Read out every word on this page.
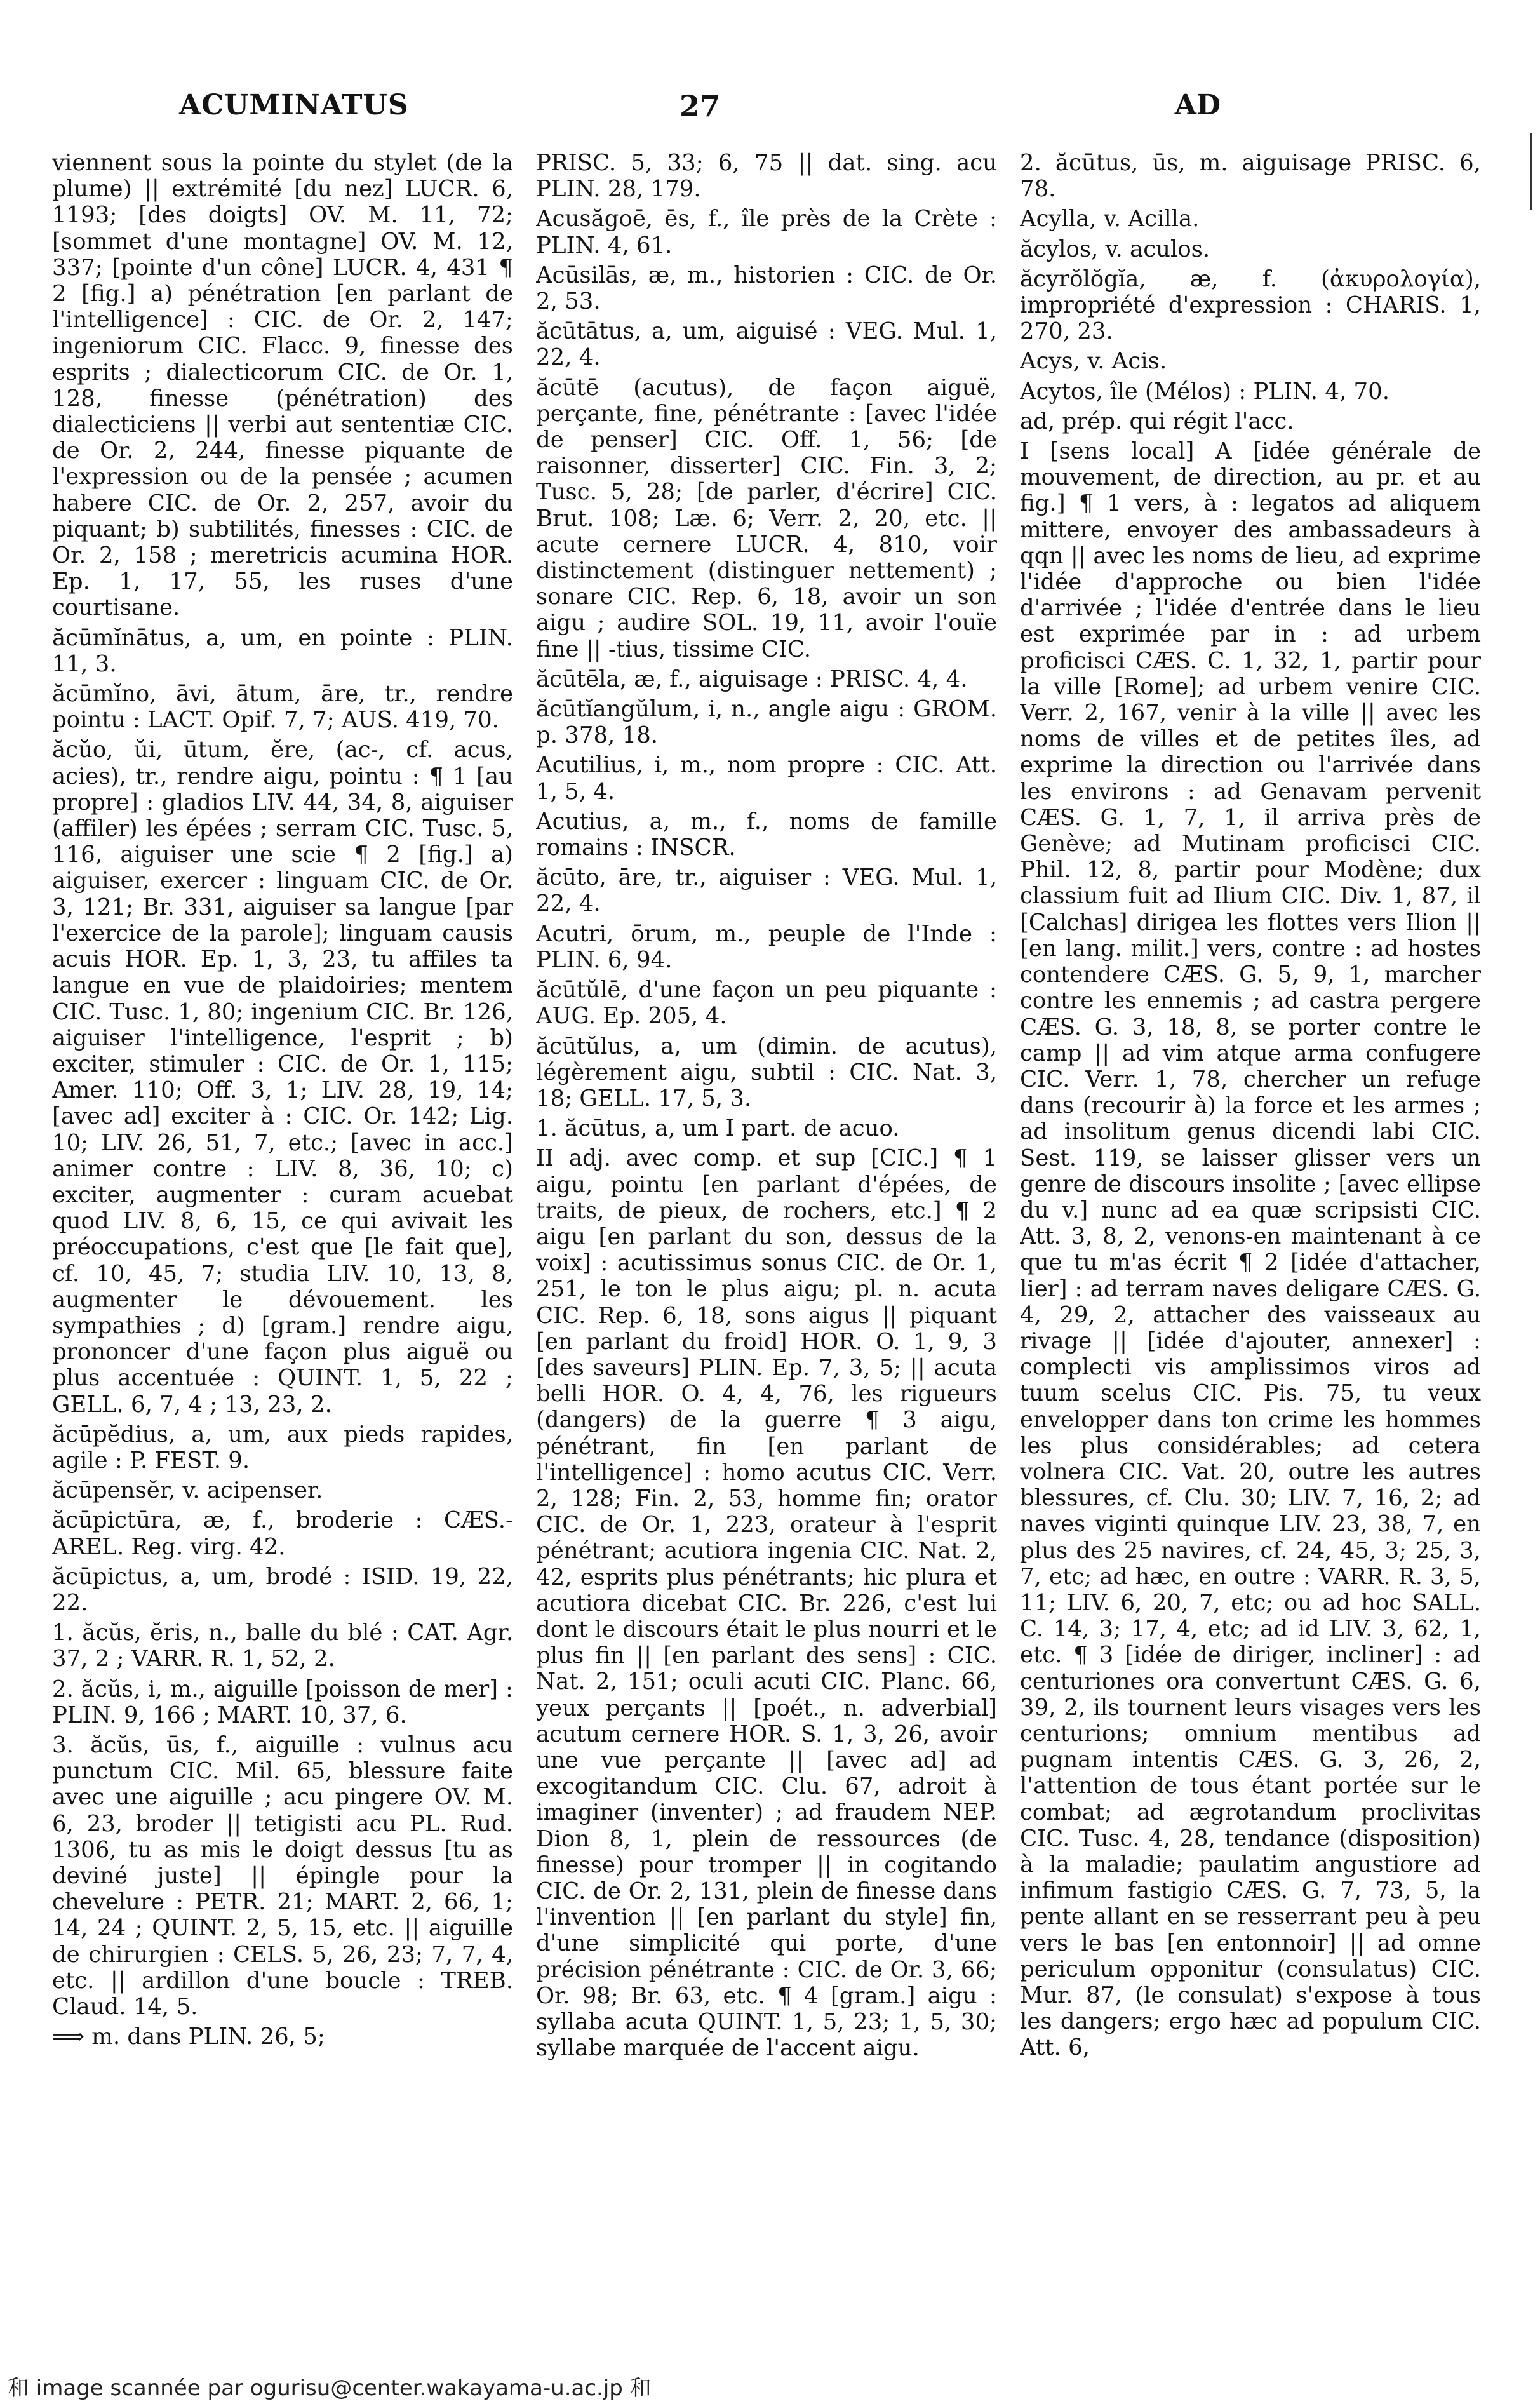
ACUMINATUS	27	AD

viennent sous la pointe du stylet (de la plume) || extrémité [du nez] LUCR. 6, 1193; [des doigts] OV. M. 11, 72; [sommet d'une montagne] OV. M. 12, 337; [pointe d'un cône] LUCR. 4, 431 ¶ 2 [fig.] a) pénétration [en parlant de l'intelligence] : CIC. de Or. 2, 147; ingeniorum CIC. Flacc. 9, finesse des esprits ; dialecticorum CIC. de Or. 1, 128, finesse (pénétration) des dialecticiens || verbi aut sententiæ CIC. de Or. 2, 244, finesse piquante de l'expression ou de la pensée ; acumen habere CIC. de Or. 2, 257, avoir du piquant; b) subtilités, finesses : CIC. de Or. 2, 158 ; meretricis acumina HOR. Ep. 1, 17, 55, les ruses d'une courtisane.

ăcūmĭnātus, a, um, en pointe : PLIN. 11, 3.

ăcūmĭno, āvi, ātum, āre, tr., rendre pointu : LACT. Opif. 7, 7; AUS. 419, 70.

ăcŭo, ŭi, ūtum, ĕre, (ac-, cf. acus, acies), tr., rendre aigu, pointu : ¶ 1 [au propre] : gladios LIV. 44, 34, 8, aiguiser (affiler) les épées ; serram CIC. Tusc. 5, 116, aiguiser une scie ¶ 2 [fig.] a) aiguiser, exercer : linguam CIC. de Or. 3, 121; Br. 331, aiguiser sa langue [par l'exercice de la parole]; linguam causis acuis HOR. Ep. 1, 3, 23, tu affiles ta langue en vue de plaidoiries; mentem CIC. Tusc. 1, 80; ingenium CIC. Br. 126, aiguiser l'intelligence, l'esprit ; b) exciter, stimuler : CIC. de Or. 1, 115; Amer. 110; Off. 3, 1; LIV. 28, 19, 14; [avec ad] exciter à : CIC. Or. 142; Lig. 10; LIV. 26, 51, 7, etc.; [avec in acc.] animer contre : LIV. 8, 36, 10; c) exciter, augmenter : curam acuebat quod LIV. 8, 6, 15, ce qui avivait les préoccupations, c'est que [le fait que], cf. 10, 45, 7; studia LIV. 10, 13, 8, augmenter le dévouement. les sympathies ; d) [gram.] rendre aigu, prononcer d'une façon plus aiguë ou plus accentuée : QUINT. 1, 5, 22 ; GELL. 6, 7, 4 ; 13, 23, 2.

ăcūpĕdius, a, um, aux pieds rapides, agile : P. FEST. 9.

ăcūpensĕr, v. acipenser.

ăcūpictūra, æ, f., broderie : CÆS.-AREL. Reg. virg. 42.

ăcūpictus, a, um, brodé : ISID. 19, 22, 22.

1. ăcŭs, ĕris, n., balle du blé : CAT. Agr. 37, 2 ; VARR. R. 1, 52, 2.

2. ăcŭs, i, m., aiguille [poisson de mer] : PLIN. 9, 166 ; MART. 10, 37, 6.

3. ăcŭs, ūs, f., aiguille : vulnus acu punctum CIC. Mil. 65, blessure faite avec une aiguille ; acu pingere OV. M. 6, 23, broder || tetigisti acu PL. Rud. 1306, tu as mis le doigt dessus [tu as deviné juste] || épingle pour la chevelure : PETR. 21; MART. 2, 66, 1; 14, 24 ; QUINT. 2, 5, 15, etc. || aiguille de chirurgien : CELS. 5, 26, 23; 7, 7, 4, etc. || ardillon d'une boucle : TREB. Claud. 14, 5.

⟹ m. dans PLIN. 26, 5;

PRISC. 5, 33; 6, 75 || dat. sing. acu PLIN. 28, 179.

Acusăgoē, ēs, f., île près de la Crète : PLIN. 4, 61.

Acūsilās, æ, m., historien : CIC. de Or. 2, 53.

ăcūtātus, a, um, aiguisé : VEG. Mul. 1, 22, 4.

ăcūtē (acutus), de façon aiguë, perçante, fine, pénétrante : [avec l'idée de penser] CIC. Off. 1, 56; [de raisonner, disserter] CIC. Fin. 3, 2; Tusc. 5, 28; [de parler, d'écrire] CIC. Brut. 108; Læ. 6; Verr. 2, 20, etc. || acute cernere LUCR. 4, 810, voir distinctement (distinguer nettement) ; sonare CIC. Rep. 6, 18, avoir un son aigu ; audire SOL. 19, 11, avoir l'ouïe fine || -tius, tissime CIC.

ăcūtēla, æ, f., aiguisage : PRISC. 4, 4.

ăcūtĭangŭlum, i, n., angle aigu : GROM. p. 378, 18.

Acutilius, i, m., nom propre : CIC. Att. 1, 5, 4.

Acutius, a, m., f., noms de famille romains : INSCR.

ăcūto, āre, tr., aiguiser : VEG. Mul. 1, 22, 4.

Acutri, ōrum, m., peuple de l'Inde : PLIN. 6, 94.

ăcūtŭlē, d'une façon un peu piquante : AUG. Ep. 205, 4.

ăcūtŭlus, a, um (dimin. de acutus), légèrement aigu, subtil : CIC. Nat. 3, 18; GELL. 17, 5, 3.

1. ăcūtus, a, um I part. de acuo.

II adj. avec comp. et sup [CIC.] ¶ 1 aigu, pointu [en parlant d'épées, de traits, de pieux, de rochers, etc.] ¶ 2 aigu [en parlant du son, dessus de la voix] : acutissimus sonus CIC. de Or. 1, 251, le ton le plus aigu; pl. n. acuta CIC. Rep. 6, 18, sons aigus || piquant [en parlant du froid] HOR. O. 1, 9, 3 [des saveurs] PLIN. Ep. 7, 3, 5; || acuta belli HOR. O. 4, 4, 76, les rigueurs (dangers) de la guerre ¶ 3 aigu, pénétrant, fin [en parlant de l'intelligence] : homo acutus CIC. Verr. 2, 128; Fin. 2, 53, homme fin; orator CIC. de Or. 1, 223, orateur à l'esprit pénétrant; acutiora ingenia CIC. Nat. 2, 42, esprits plus pénétrants; hic plura et acutiora dicebat CIC. Br. 226, c'est lui dont le discours était le plus nourri et le plus fin || [en parlant des sens] : CIC. Nat. 2, 151; oculi acuti CIC. Planc. 66, yeux perçants || [poét., n. adverbial] acutum cernere HOR. S. 1, 3, 26, avoir une vue perçante || [avec ad] ad excogitandum CIC. Clu. 67, adroit à imaginer (inventer) ; ad fraudem NEP. Dion 8, 1, plein de ressources (de finesse) pour tromper || in cogitando CIC. de Or. 2, 131, plein de finesse dans l'invention || [en parlant du style] fin, d'une simplicité qui porte, d'une précision pénétrante : CIC. de Or. 3, 66; Or. 98; Br. 63, etc. ¶ 4 [gram.] aigu : syllaba acuta QUINT. 1, 5, 23; 1, 5, 30; syllabe marquée de l'accent aigu.

2. ăcūtus, ūs, m. aiguisage PRISC. 6, 78.

Acylla, v. Acilla.

ăcylos, v. aculos.

ăcyrŏlŏgĭa, æ, f. (ἀκυρολογία), impropriété d'expression : CHARIS. 1, 270, 23.

Acys, v. Acis.

Acytos, île (Mélos) : PLIN. 4, 70.

ad, prép. qui régit l'acc.

I [sens local] A [idée générale de mouvement, de direction, au pr. et au fig.] ¶ 1 vers, à : legatos ad aliquem mittere, envoyer des ambassadeurs à qqn || avec les noms de lieu, ad exprime l'idée d'approche ou bien l'idée d'arrivée ; l'idée d'entrée dans le lieu est exprimée par in : ad urbem proficisci CÆS. C. 1, 32, 1, partir pour la ville [Rome]; ad urbem venire CIC. Verr. 2, 167, venir à la ville || avec les noms de villes et de petites îles, ad exprime la direction ou l'arrivée dans les environs : ad Genavam pervenit CÆS. G. 1, 7, 1, il arriva près de Genève; ad Mutinam proficisci CIC. Phil. 12, 8, partir pour Modène; dux classium fuit ad Ilium CIC. Div. 1, 87, il [Calchas] dirigea les flottes vers Ilion || [en lang. milit.] vers, contre : ad hostes contendere CÆS. G. 5, 9, 1, marcher contre les ennemis ; ad castra pergere CÆS. G. 3, 18, 8, se porter contre le camp || ad vim atque arma confugere CIC. Verr. 1, 78, chercher un refuge dans (recourir à) la force et les armes ; ad insolitum genus dicendi labi CIC. Sest. 119, se laisser glisser vers un genre de discours insolite ; [avec ellipse du v.] nunc ad ea quæ scripsisti CIC. Att. 3, 8, 2, venons-en maintenant à ce que tu m'as écrit ¶ 2 [idée d'attacher, lier] : ad terram naves deligare CÆS. G. 4, 29, 2, attacher des vaisseaux au rivage || [idée d'ajouter, annexer] : complecti vis amplissimos viros ad tuum scelus CIC. Pis. 75, tu veux envelopper dans ton crime les hommes les plus considérables; ad cetera volnera CIC. Vat. 20, outre les autres blessures, cf. Clu. 30; LIV. 7, 16, 2; ad naves viginti quinque LIV. 23, 38, 7, en plus des 25 navires, cf. 24, 45, 3; 25, 3, 7, etc; ad hæc, en outre : VARR. R. 3, 5, 11; LIV. 6, 20, 7, etc; ou ad hoc SALL. C. 14, 3; 17, 4, etc; ad id LIV. 3, 62, 1, etc. ¶ 3 [idée de diriger, incliner] : ad centuriones ora convertunt CÆS. G. 6, 39, 2, ils tournent leurs visages vers les centurions; omnium mentibus ad pugnam intentis CÆS. G. 3, 26, 2, l'attention de tous étant portée sur le combat; ad ægrotandum proclivitas CIC. Tusc. 4, 28, tendance (disposition) à la maladie; paulatim angustiore ad infimum fastigio CÆS. G. 7, 73, 5, la pente allant en se resserrant peu à peu vers le bas [en entonnoir] || ad omne periculum opponitur (consulatus) CIC. Mur. 87, (le consulat) s'expose à tous les dangers; ergo hæc ad populum CIC. Att. 6,

和 image scannée par ogurisu@center.wakayama-u.ac.jp 和
